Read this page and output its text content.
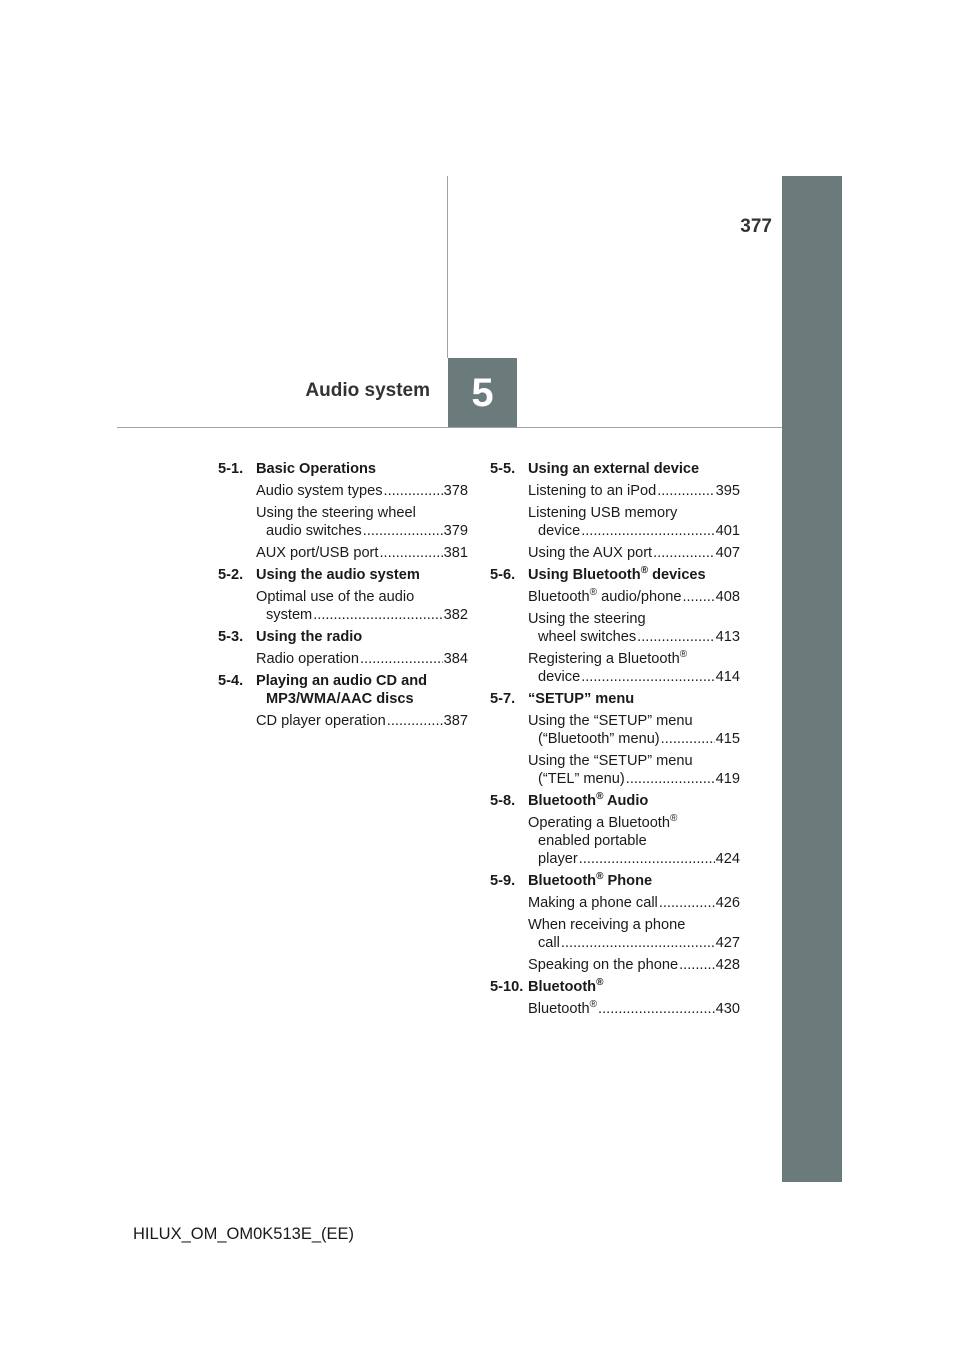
377
5
Audio system
5-1. Basic Operations
Audio system types .....	378
Using the steering wheel
audio switches .....	379
AUX port/USB port .....	381
5-2. Using the audio system
Optimal use of the audio
system .....	382
5-3. Using the radio
Radio operation .....	384
5-4. Playing an audio CD and
MP3/WMA/AAC discs
CD player operation .....	387
5-5. Using an external device
Listening to an iPod .....	395
Listening USB memory
device .....	401
Using the AUX port .....	407
5-6. Using Bluetooth® devices
Bluetooth® audio/phone ..... 408
Using the steering
wheel switches .....	413
Registering a Bluetooth®
device .....	414
5-7. “SETUP” menu
Using the “SETUP” menu
(“Bluetooth” menu) .....	415
Using the “SETUP” menu
(“TEL” menu) .....	419
5-8. Bluetooth® Audio
Operating a Bluetooth®
enabled portable
player .....	424
5-9. Bluetooth® Phone
Making a phone call .....	426
When receiving a phone
call .....	427
Speaking on the phone .....	428
5-10. Bluetooth®
Bluetooth® .....	430
HILUX_OM_OM0K513E_(EE)
